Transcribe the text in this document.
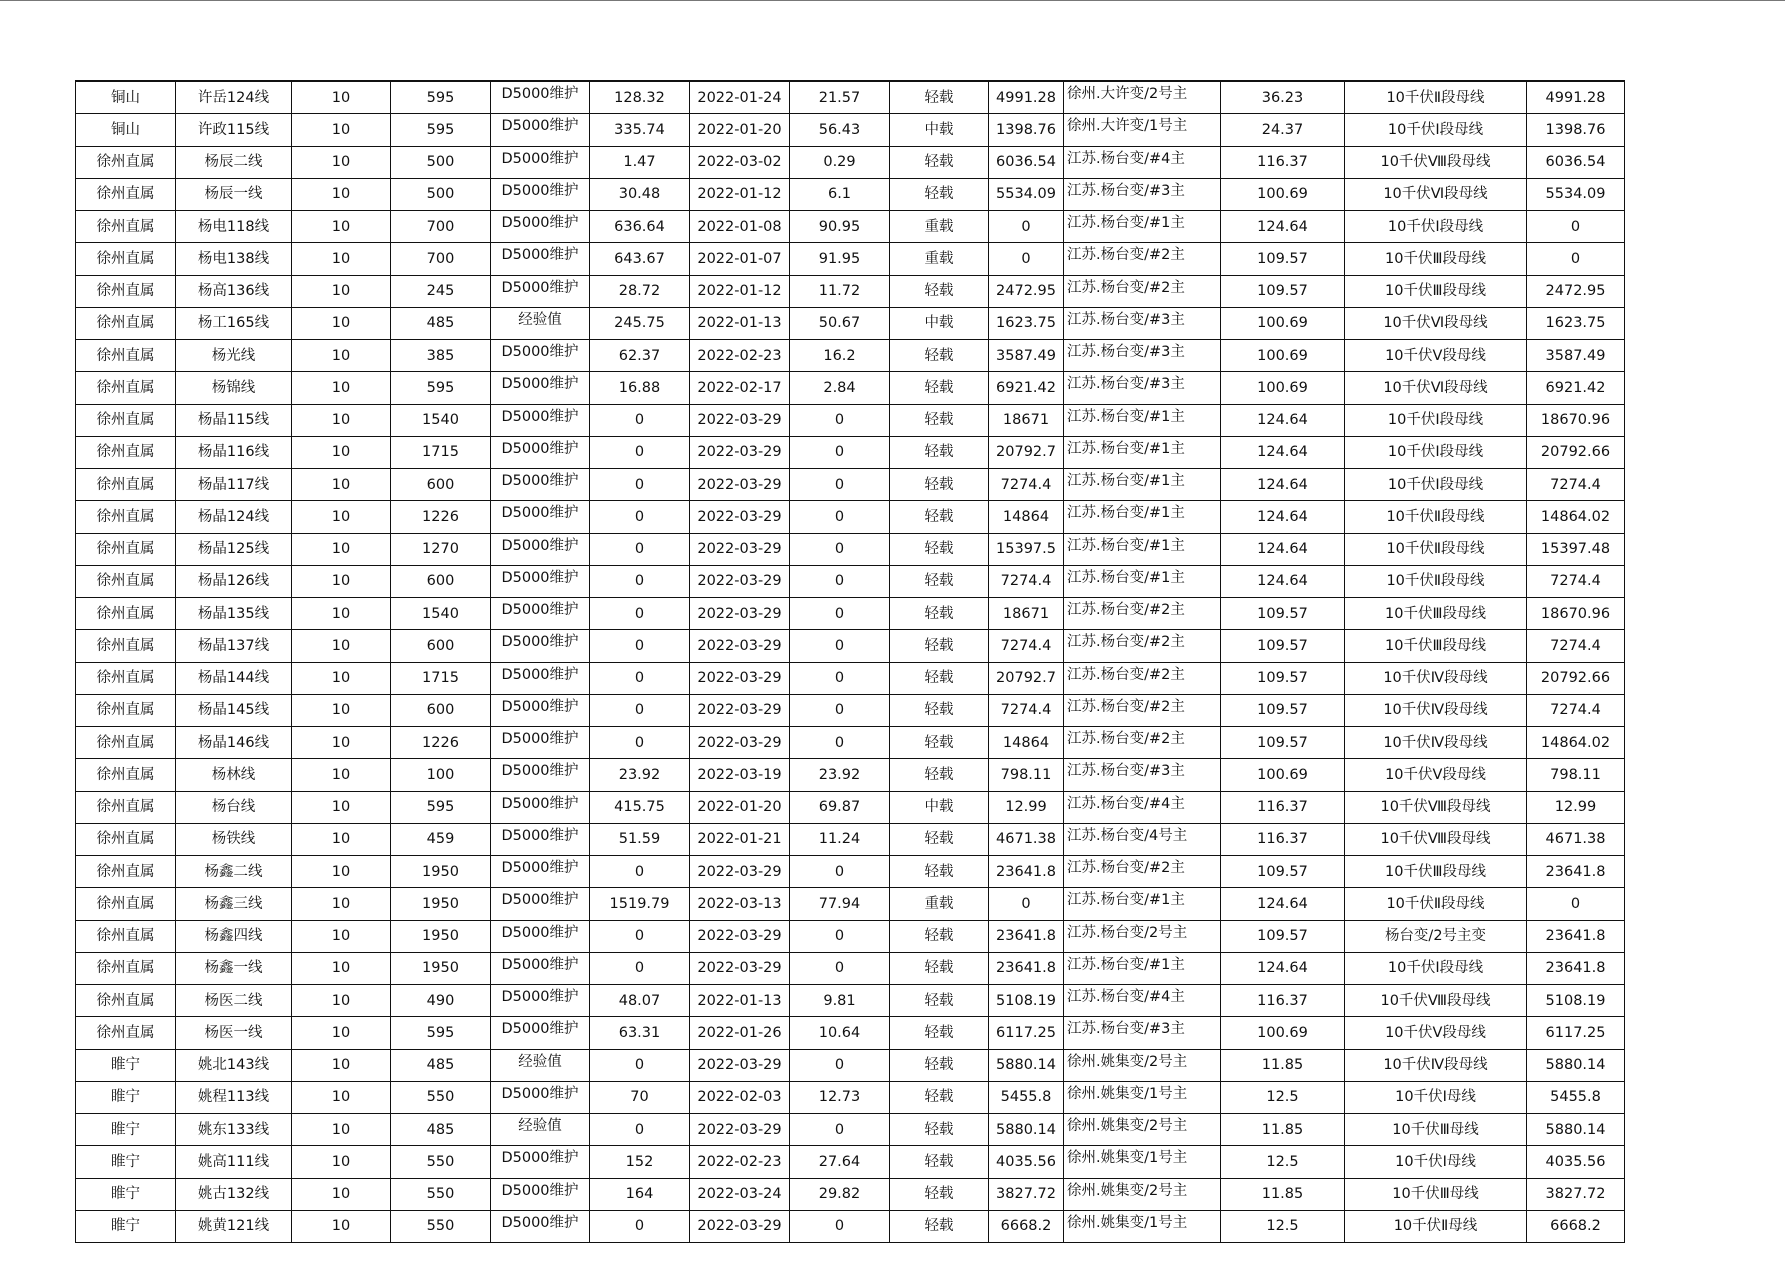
铜山	许岳124线	10	595	D5000维护	128.32	2022-01-24	21.57	轻载	4991.28	徐州.大许变/2号主	36.23	10千伏Ⅱ段母线	4991.28
铜山	许政115线	10	595	D5000维护	335.74	2022-01-20	56.43	中载	1398.76	徐州.大许变/1号主	24.37	10千伏Ⅰ段母线	1398.76
徐州直属	杨辰二线	10	500	D5000维护	1.47	2022-03-02	0.29	轻载	6036.54	江苏.杨台变/#4主	116.37	10千伏Ⅷ段母线	6036.54
徐州直属	杨辰一线	10	500	D5000维护	30.48	2022-01-12	6.1	轻载	5534.09	江苏.杨台变/#3主	100.69	10千伏Ⅵ段母线	5534.09
徐州直属	杨电118线	10	700	D5000维护	636.64	2022-01-08	90.95	重载	0	江苏.杨台变/#1主	124.64	10千伏Ⅰ段母线	0
徐州直属	杨电138线	10	700	D5000维护	643.67	2022-01-07	91.95	重载	0	江苏.杨台变/#2主	109.57	10千伏Ⅲ段母线	0
徐州直属	杨高136线	10	245	D5000维护	28.72	2022-01-12	11.72	轻载	2472.95	江苏.杨台变/#2主	109.57	10千伏Ⅲ段母线	2472.95
徐州直属	杨工165线	10	485	经验值	245.75	2022-01-13	50.67	中载	1623.75	江苏.杨台变/#3主	100.69	10千伏Ⅵ段母线	1623.75
徐州直属	杨光线	10	385	D5000维护	62.37	2022-02-23	16.2	轻载	3587.49	江苏.杨台变/#3主	100.69	10千伏Ⅴ段母线	3587.49
徐州直属	杨锦线	10	595	D5000维护	16.88	2022-02-17	2.84	轻载	6921.42	江苏.杨台变/#3主	100.69	10千伏Ⅵ段母线	6921.42
徐州直属	杨晶115线	10	1540	D5000维护	0	2022-03-29	0	轻载	18671	江苏.杨台变/#1主	124.64	10千伏Ⅰ段母线	18670.96
徐州直属	杨晶116线	10	1715	D5000维护	0	2022-03-29	0	轻载	20792.7	江苏.杨台变/#1主	124.64	10千伏Ⅰ段母线	20792.66
徐州直属	杨晶117线	10	600	D5000维护	0	2022-03-29	0	轻载	7274.4	江苏.杨台变/#1主	124.64	10千伏Ⅰ段母线	7274.4
徐州直属	杨晶124线	10	1226	D5000维护	0	2022-03-29	0	轻载	14864	江苏.杨台变/#1主	124.64	10千伏Ⅱ段母线	14864.02
徐州直属	杨晶125线	10	1270	D5000维护	0	2022-03-29	0	轻载	15397.5	江苏.杨台变/#1主	124.64	10千伏Ⅱ段母线	15397.48
徐州直属	杨晶126线	10	600	D5000维护	0	2022-03-29	0	轻载	7274.4	江苏.杨台变/#1主	124.64	10千伏Ⅱ段母线	7274.4
徐州直属	杨晶135线	10	1540	D5000维护	0	2022-03-29	0	轻载	18671	江苏.杨台变/#2主	109.57	10千伏Ⅲ段母线	18670.96
徐州直属	杨晶137线	10	600	D5000维护	0	2022-03-29	0	轻载	7274.4	江苏.杨台变/#2主	109.57	10千伏Ⅲ段母线	7274.4
徐州直属	杨晶144线	10	1715	D5000维护	0	2022-03-29	0	轻载	20792.7	江苏.杨台变/#2主	109.57	10千伏Ⅳ段母线	20792.66
徐州直属	杨晶145线	10	600	D5000维护	0	2022-03-29	0	轻载	7274.4	江苏.杨台变/#2主	109.57	10千伏Ⅳ段母线	7274.4
徐州直属	杨晶146线	10	1226	D5000维护	0	2022-03-29	0	轻载	14864	江苏.杨台变/#2主	109.57	10千伏Ⅳ段母线	14864.02
徐州直属	杨林线	10	100	D5000维护	23.92	2022-03-19	23.92	轻载	798.11	江苏.杨台变/#3主	100.69	10千伏Ⅴ段母线	798.11
徐州直属	杨台线	10	595	D5000维护	415.75	2022-01-20	69.87	中载	12.99	江苏.杨台变/#4主	116.37	10千伏Ⅷ段母线	12.99
徐州直属	杨铁线	10	459	D5000维护	51.59	2022-01-21	11.24	轻载	4671.38	江苏.杨台变/4号主	116.37	10千伏Ⅷ段母线	4671.38
徐州直属	杨鑫二线	10	1950	D5000维护	0	2022-03-29	0	轻载	23641.8	江苏.杨台变/#2主	109.57	10千伏Ⅲ段母线	23641.8
徐州直属	杨鑫三线	10	1950	D5000维护	1519.79	2022-03-13	77.94	重载	0	江苏.杨台变/#1主	124.64	10千伏Ⅱ段母线	0
徐州直属	杨鑫四线	10	1950	D5000维护	0	2022-03-29	0	轻载	23641.8	江苏.杨台变/2号主	109.57	杨台变/2号主变	23641.8
徐州直属	杨鑫一线	10	1950	D5000维护	0	2022-03-29	0	轻载	23641.8	江苏.杨台变/#1主	124.64	10千伏Ⅰ段母线	23641.8
徐州直属	杨医二线	10	490	D5000维护	48.07	2022-01-13	9.81	轻载	5108.19	江苏.杨台变/#4主	116.37	10千伏Ⅷ段母线	5108.19
徐州直属	杨医一线	10	595	D5000维护	63.31	2022-01-26	10.64	轻载	6117.25	江苏.杨台变/#3主	100.69	10千伏Ⅴ段母线	6117.25
睢宁	姚北143线	10	485	经验值	0	2022-03-29	0	轻载	5880.14	徐州.姚集变/2号主	11.85	10千伏Ⅳ段母线	5880.14
睢宁	姚程113线	10	550	D5000维护	70	2022-02-03	12.73	轻载	5455.8	徐州.姚集变/1号主	12.5	10千伏Ⅰ母线	5455.8
睢宁	姚东133线	10	485	经验值	0	2022-03-29	0	轻载	5880.14	徐州.姚集变/2号主	11.85	10千伏Ⅲ母线	5880.14
睢宁	姚高111线	10	550	D5000维护	152	2022-02-23	27.64	轻载	4035.56	徐州.姚集变/1号主	12.5	10千伏Ⅰ母线	4035.56
睢宁	姚古132线	10	550	D5000维护	164	2022-03-24	29.82	轻载	3827.72	徐州.姚集变/2号主	11.85	10千伏Ⅲ母线	3827.72
睢宁	姚黄121线	10	550	D5000维护	0	2022-03-29	0	轻载	6668.2	徐州.姚集变/1号主	12.5	10千伏Ⅱ母线	6668.2
